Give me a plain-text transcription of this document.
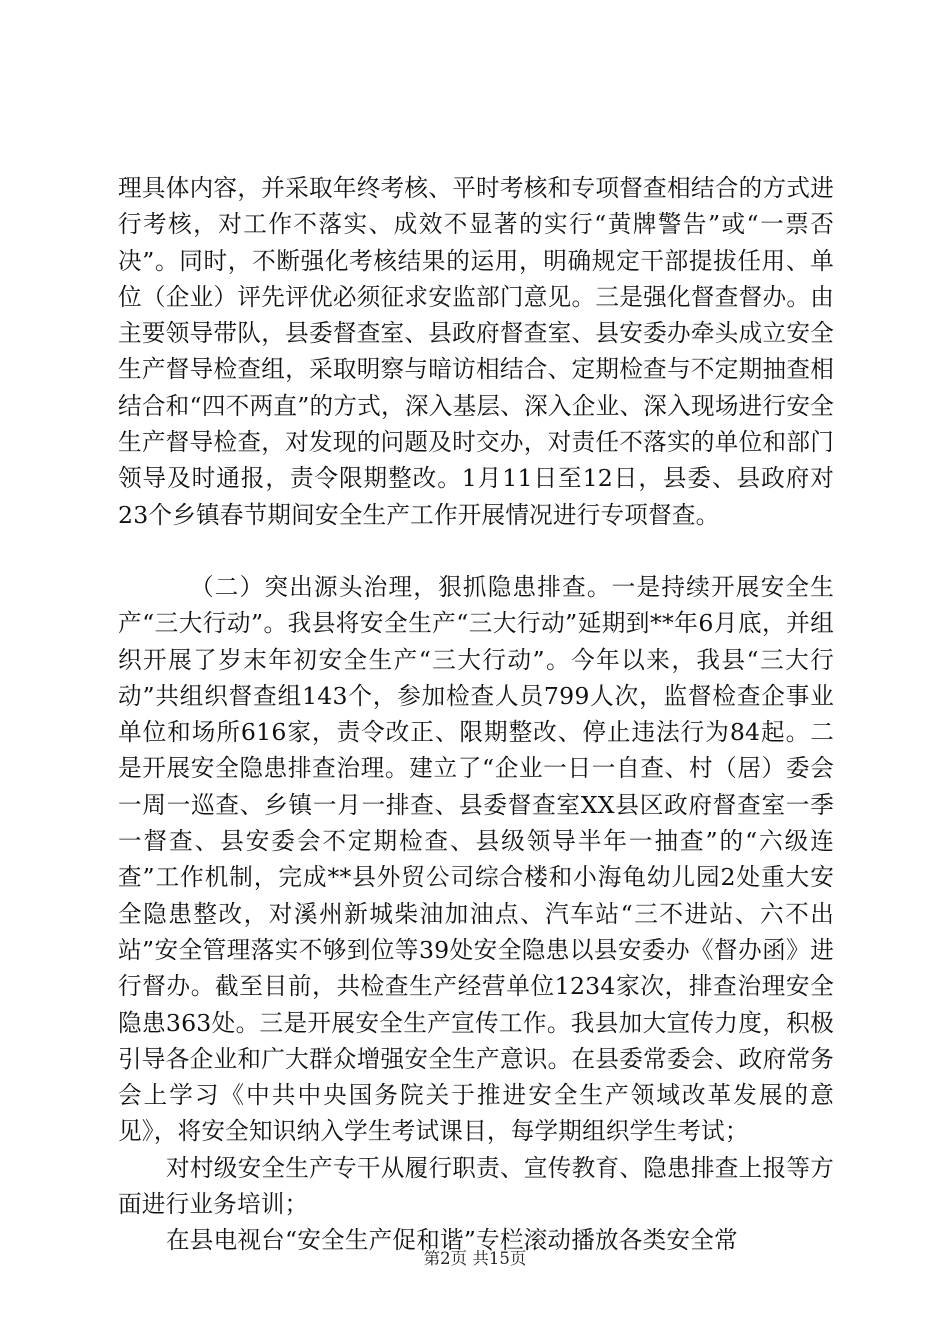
理具体内容，并采取年终考核、平时考核和专项督查相结合的方式进行考核，对工作不落实、成效不显著的实行“黄牌警告”或“一票否决”。同时，不断强化考核结果的运用，明确规定干部提拔任用、单位（企业）评先评优必须征求安监部门意见。三是强化督查督办。由主要领导带队，县委督查室、县政府督查室、县安委办牵头成立安全生产督导检查组，采取明察与暗访相结合、定期检查与不定期抽查相结合和“四不两直”的方式，深入基层、深入企业、深入现场进行安全生产督导检查，对发现的问题及时交办，对责任不落实的单位和部门领导及时通报，责令限期整改。1月11日至12日，县委、县政府对23个乡镇春节期间安全生产工作开展情况进行专项督查。

（二）突出源头治理，狠抓隐患排查。一是持续开展安全生产“三大行动”。我县将安全生产“三大行动”延期到**年6月底，并组织开展了岁末年初安全生产“三大行动”。今年以来，我县“三大行动”共组织督查组143个，参加检查人员799人次，监督检查企事业单位和场所616家，责令改正、限期整改、停止违法行为84起。二是开展安全隐患排查治理。建立了“企业一日一自查、村（居）委会一周一巡查、乡镇一月一排查、县委督查室XX县区政府督查室一季一督查、县安委会不定期检查、县级领导半年一抽查”的“六级连查”工作机制，完成**县外贸公司综合楼和小海龟幼儿园2处重大安全隐患整改，对溪州新城柴油加油点、汽车站“三不进站、六不出站”安全管理落实不够到位等39处安全隐患以县安委办《督办函》进行督办。截至目前，共检查生产经营单位1234家次，排查治理安全隐患363处。三是开展安全生产宣传工作。我县加大宣传力度，积极引导各企业和广大群众增强安全生产意识。在县委常委会、政府常务会上学习《中共中央国务院关于推进安全生产领域改革发展的意见》，将安全知识纳入学生考试课目，每学期组织学生考试；

对村级安全生产专干从履行职责、宣传教育、隐患排查上报等方面进行业务培训；

在县电视台“安全生产促和谐”专栏滚动播放各类安全常

第2页 共15页
